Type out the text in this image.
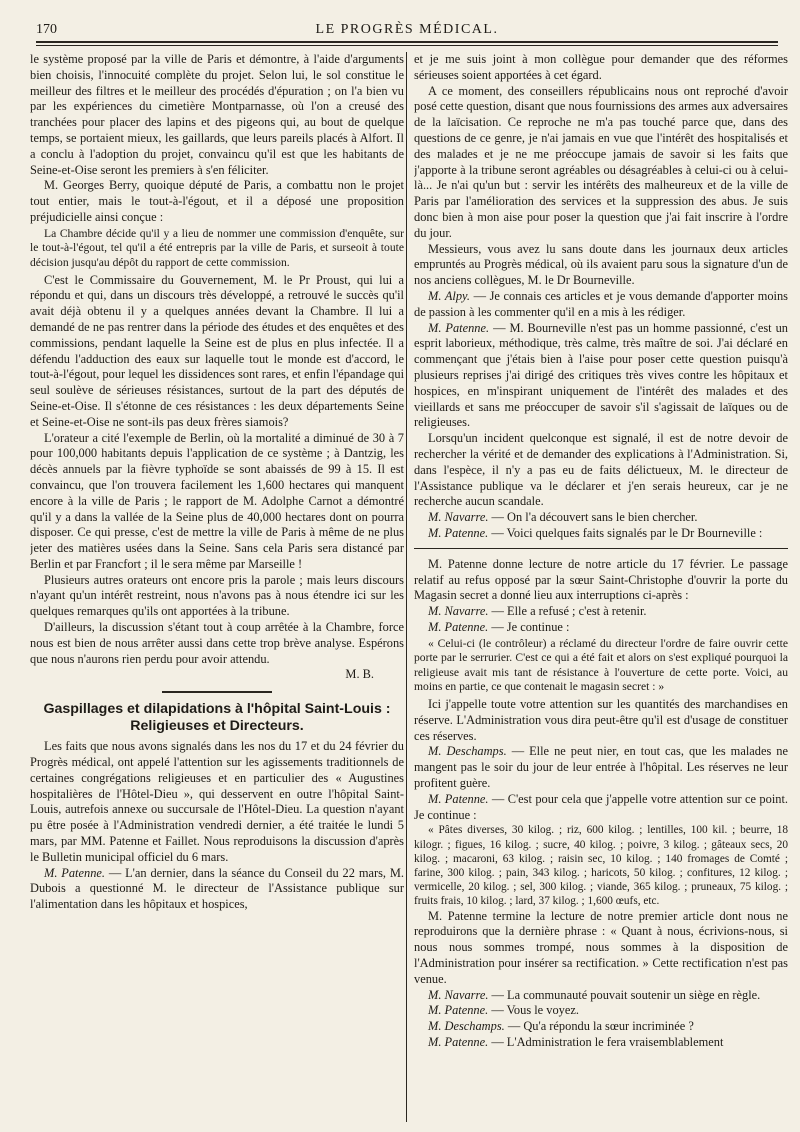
170	LE PROGRÈS MÉDICAL.

le système proposé par la ville de Paris et démontre, à l'aide d'arguments bien choisis, l'innocuité complète du projet. Selon lui, le sol constitue le meilleur des filtres et le meilleur des procédés d'épuration ; on l'a bien vu par les expériences du cimetière Montparnasse, où l'on a creusé des tranchées pour placer des lapins et des pigeons qui, au bout de quelque temps, se portaient mieux, les gaillards, que leurs pareils placés à Alfort. Il a conclu à l'adoption du projet, convaincu qu'il est que les habitants de Seine-et-Oise seront les premiers à s'en féliciter.

M. Georges Berry, quoique député de Paris, a combattu non le projet tout entier, mais le tout-à-l'égout, et il a déposé une proposition préjudicielle ainsi conçue :

La Chambre décide qu'il y a lieu de nommer une commission d'enquête, sur le tout-à-l'égout, tel qu'il a été entrepris par la ville de Paris, et surseoit à toute décision jusqu'au dépôt du rapport de cette commission.

C'est le Commissaire du Gouvernement, M. le Pr Proust, qui lui a répondu et qui, dans un discours très développé, a retrouvé le succès qu'il avait déjà obtenu il y a quelques années devant la Chambre. Il lui a demandé de ne pas rentrer dans la période des études et des enquêtes et des commissions, pendant laquelle la Seine est de plus en plus infectée. Il a défendu l'adduction des eaux sur laquelle tout le monde est d'accord, le tout-à-l'égout, pour lequel les dissidences sont rares, et enfin l'épandage qui seul soulève de sérieuses résistances, surtout de la part des députés de Seine-et-Oise. Il s'étonne de ces résistances : les deux départements Seine et Seine-et-Oise ne sont-ils pas deux frères siamois?

L'orateur a cité l'exemple de Berlin, où la mortalité a diminué de 30 à 7 pour 100,000 habitants depuis l'application de ce système ; à Dantzig, les décès annuels par la fièvre typhoïde se sont abaissés de 99 à 15. Il est convaincu, que l'on trouvera facilement les 1,600 hectares qui manquent encore à la ville de Paris ; le rapport de M. Adolphe Carnot a démontré qu'il y a dans la vallée de la Seine plus de 40,000 hectares dont on pourra disposer. Ce qui presse, c'est de mettre la ville de Paris à même de ne plus jeter des matières usées dans la Seine. Sans cela Paris sera distancé par Berlin et par Francfort ; il le sera même par Marseille !

Plusieurs autres orateurs ont encore pris la parole ; mais leurs discours n'ayant qu'un intérêt restreint, nous n'avons pas à nous étendre ici sur les quelques remarques qu'ils ont apportées à la tribune.

D'ailleurs, la discussion s'étant tout à coup arrêtée à la Chambre, force nous est bien de nous arrêter aussi dans cette trop brève analyse. Espérons que nous n'aurons rien perdu pour avoir attendu.

M. B.
Gaspillages et dilapidations à l'hôpital Saint-Louis : Religieuses et Directeurs.

Les faits que nous avons signalés dans les nos du 17 et du 24 février du Progrès médical, ont appelé l'attention sur les agissements traditionnels de certaines congrégations religieuses et en particulier des « Augustines hospitalières de l'Hôtel-Dieu », qui desservent en outre l'hôpital Saint-Louis, autrefois annexe ou succursale de l'Hôtel-Dieu. La question n'ayant pu être posée à l'Administration vendredi dernier, a été traitée le lundi 5 mars, par MM. Patenne et Faillet. Nous reproduisons la discussion d'après le Bulletin municipal officiel du 6 mars.

M. Patenne. — L'an dernier, dans la séance du Conseil du 22 mars, M. Dubois a questionné M. le directeur de l'Assistance publique sur l'alimentation dans les hôpitaux et hospices,

et je me suis joint à mon collègue pour demander que des réformes sérieuses soient apportées à cet égard.

A ce moment, des conseillers républicains nous ont reproché d'avoir posé cette question, disant que nous fournissions des armes aux adversaires de la laïcisation. Ce reproche ne m'a pas touché parce que, dans des questions de ce genre, je n'ai jamais en vue que l'intérêt des hospitalisés et des malades et je ne me préoccupe jamais de savoir si les faits que j'apporte à la tribune seront agréables ou désagréables à celui-ci ou à celui-là... Je n'ai qu'un but : servir les intérêts des malheureux et de la ville de Paris par l'amélioration des services et la suppression des abus. Je suis donc bien à mon aise pour poser la question que j'ai fait inscrire à l'ordre du jour.

Messieurs, vous avez lu sans doute dans les journaux deux articles empruntés au Progrès médical, où ils avaient paru sous la signature d'un de nos anciens collègues, M. le Dr Bourneville.

M. Alpy. — Je connais ces articles et je vous demande d'apporter moins de passion à les commenter qu'il en a mis à les rédiger.

M. Patenne. — M. Bourneville n'est pas un homme passionné, c'est un esprit laborieux, méthodique, très calme, très maître de soi. J'ai déclaré en commençant que j'étais bien à l'aise pour poser cette question puisqu'à plusieurs reprises j'ai dirigé des critiques très vives contre les hôpitaux et hospices, en m'inspirant uniquement de l'intérêt des malades et des vieillards et sans me préoccuper de savoir s'il s'agissait de laïques ou de religieuses.

Lorsqu'un incident quelconque est signalé, il est de notre devoir de rechercher la vérité et de demander des explications à l'Administration. Si, dans l'espèce, il n'y a pas eu de faits délictueux, M. le directeur de l'Assistance publique va le déclarer et j'en serais heureux, car je ne recherche aucun scandale.

M. Navarre. — On l'a découvert sans le bien chercher.

M. Patenne. — Voici quelques faits signalés par le Dr Bourneville :

M. Patenne donne lecture de notre article du 17 février. Le passage relatif au refus opposé par la sœur Saint-Christophe d'ouvrir la porte du Magasin secret a donné lieu aux interruptions ci-après :

M. Navarre. — Elle a refusé ; c'est à retenir.

M. Patenne. — Je continue :

« Celui-ci (le contrôleur) a réclamé du directeur l'ordre de faire ouvrir cette porte par le serrurier. C'est ce qui a été fait et alors on s'est expliqué pourquoi la religieuse avait mis tant de résistance à l'ouverture de cette porte. Voici, au moins en partie, ce que contenait le magasin secret : »

Ici j'appelle toute votre attention sur les quantités des marchandises en réserve. L'Administration vous dira peut-être qu'il est d'usage de constituer ces réserves.

M. Deschamps. — Elle ne peut nier, en tout cas, que les malades ne mangent pas le soir du jour de leur entrée à l'hôpital. Les réserves ne leur profitent guère.

M. Patenne. — C'est pour cela que j'appelle votre attention sur ce point. Je continue :

« Pâtes diverses, 30 kilog. ; riz, 600 kilog. ; lentilles, 100 kil. ; beurre, 18 kilogr. ; figues, 16 kilog. ; sucre, 40 kilog. ; poivre, 3 kilog. ; gâteaux secs, 20 kilog. ; macaroni, 63 kilog. ; raisin sec, 10 kilog. ; 140 fromages de Comté ; farine, 300 kilog. ; pain, 343 kilog. ; haricots, 50 kilog. ; confitures, 12 kilog. ; vermicelle, 20 kilog. ; sel, 300 kilog. ; viande, 365 kilog. ; pruneaux, 75 kilog. ; fruits frais, 10 kilog. ; lard, 37 kilog. ; 1,600 œufs, etc.

M. Patenne termine la lecture de notre premier article dont nous ne reproduirons que la dernière phrase : « Quant à nous, écrivions-nous, si nous nous sommes trompé, nous sommes à la disposition de l'Administration pour insérer sa rectification. » Cette rectification n'est pas venue.

M. Navarre. — La communauté pouvait soutenir un siège en règle.

M. Patenne. — Vous le voyez.

M. Deschamps. — Qu'a répondu la sœur incriminée ?

M. Patenne. — L'Administration le fera vraisemblablement
